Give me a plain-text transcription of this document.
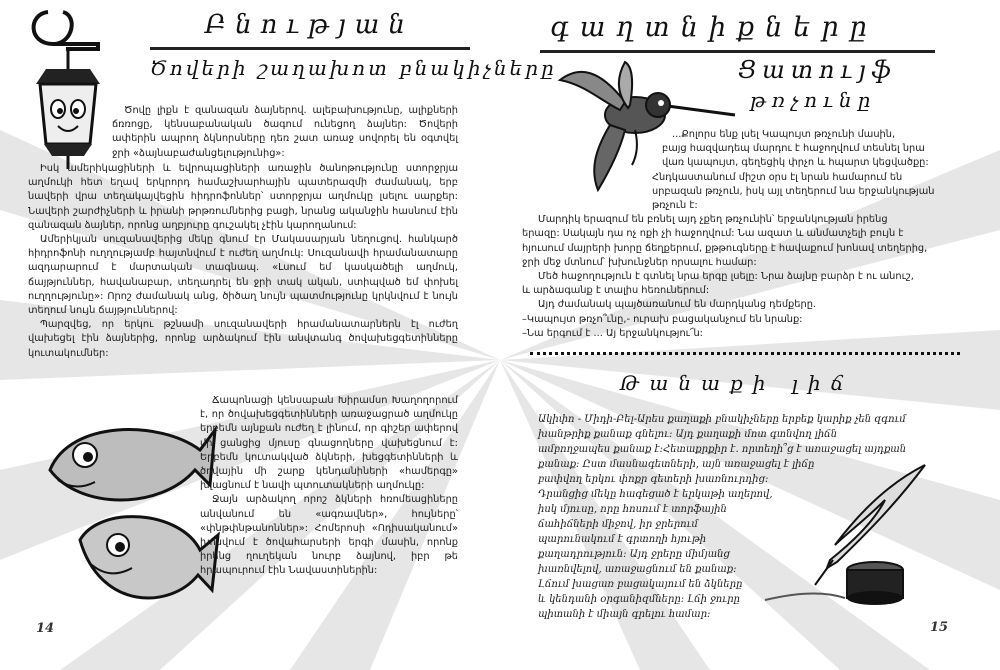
Բնության
Ծովերի շաղախոտ բնակիչները

Ծովը լիքն է զանազան ձայներով. ալեբախությունը, ալիքների ճռռոցը, կենսաբանական ծագում ունեցող ձայներ: Ծովերի ափերին ապրող ձկնորսները դեռ շատ առաջ սովորել են օգտվել ջրի «ձայնաբաժանցելությունից»:

Իսկ ամերիկացիների և եվրոպացիների առաջին ծանոթությունը ստորջրյա աղմուկի հետ եղավ երկրորդ համաշխարհային պատերազմի ժամանակ, երբ նավերի վրա տեղակայվեցին հիդրոֆոններ՝ ստորջրյա աղմուկը լսելու սարքեր: Նավերի շարժիչների և իրանի թրթռումներից բացի, նրանց ականջին հասնում էին զանազան ձայներ, որոնց աղբյուրը գուշակել չէին կարողանում:

Ամերիկյան սուզանավերից մեկը գնում էր Մակասարյան նեղուցով. հանկարծ հիդրոֆոնի ուղղությամբ հայտնվում է ուժեղ աղմուկ: Սուզանավի հրամանատարը ազդարարում է մարտական տագնապ. «Լսում եմ կասկածելի աղմուկ, ճայթյուններ, հավանաբար, տեղադրել են ջրի տակ ական, ստիպված եմ փոխել ուղղությունը»: Որոշ ժամանակ անց, ծիծաղ նույն պատմությունը կրկնվում է նույն տեղում նույն ճայթյուններով:

Պարզվեց, որ երկու թշնամի սուզանավերի հրամանատարներն էլ ուժեղ վախեցել էին ձայներից, որոնք արձակում էին անվտանգ ծովախեցգետինները կուտակումներ:

Ճապոնացի կենսաբան Խիրամսո Խաղողորում է, որ ծովախեցգետինների առաջացրած աղմուկը երբեմն այնքան ուժեղ է լինում, որ գիշեր ափերով մի ցանցից մյուսը գնացողները վախեցնում է: Երբեմն կուտակված ձկների, խեցգետինների և ծովային մի շարք կենդանիների «համերգը» խլացնում է նավի պտուտակների աղմուկը:

Ջայն արձակող որոշ ձկների հռոմեացիները անվանում են «ագռավներ», հույները՝ «փնթփնթանոններ»: Հոմերոսի «Ոդիսականում» խոսվում է ծովահարսերի երգի մասին, որոնք իրենց ղուղեկան նուրբ ձայնով, իբր թե հրապուրում էին Նավաստիներին:

14
գաղտնիքները
Ցատույֆ
թռչունը
...Քոլորս ենք լսել Կապույտ թռչունի մասին,
բայց հազվադեպ մարդու է հաջողվում տեսնել նրա
վառ կապույտ, գեղեցիկ փրչո և հպարտ կեցվածքը:
Հնդկաստանում միշտ օրս էլ նրան համարում են
սրբազան թռչուն, իսկ այլ տեղերում նա երջանկության
թռչուն է:
Մարդիկ երազում են բռնել այդ չքեղ թռչունին՝ երջանկության իրենց
երազը: Սակայն դա ոչ ոքի չի հաջողվում: Նա ազատ և անմատչելի բույն է
հյուսում մայրերի խորը ճեղքերում, քթթուգները է հավաքում խոնավ տեղերից,
ջրի մեջ մտնում՝ խխունջներ որսալու համար:
Մեծ հաջողություն է գտնել նրա երգը լսելը: Նրա ձայնը բարձր է ու անուշ,
և արձագանք է տալիս հեռուներում:
Այդ ժամանակ պայծառանում են մարդկանց դեմքերը.
–Կապույտ թռչո՞ւնը,- ուրախ բացականչում են նրանք:
–Նա երգում է ... Այ երջանկությու՜ն:
Թանաքի լիճ
Ակիփո - Միդի-Բել-Արես քաղաքի բնակիչները երբեք կարիք չեն զգում
խանթրիք քանաք գնելու: Այդ քաղաքի մոտ գտնվող լիճն
ամբողջապես քանաք է:Հետաքրքիր է. որտեղի՞ց է առաջացել այդքան
քանաք: Ըստ մասնագետների, այն առաջացել է լիճը
բափվող երկու փոքր գետերի խառնուրդից:
Դրանցից մեկը հագեցած է երկաթի աղերով,
իսկ մյուսը, որը հոսում է տորֆային
ճահիճների միջով, իր ջրերում
պարունակում է գրտողի հյութի
քաղադրություն: Այդ ջրերը միմյանց
խառնվելով, առաջացնում են քանաք:
Լճում խացառ բացակայում են ձկները
և կենդանի օրգանիզմները: Լճի ջուրը
պիտանի է միայն գրելու համար:
15
